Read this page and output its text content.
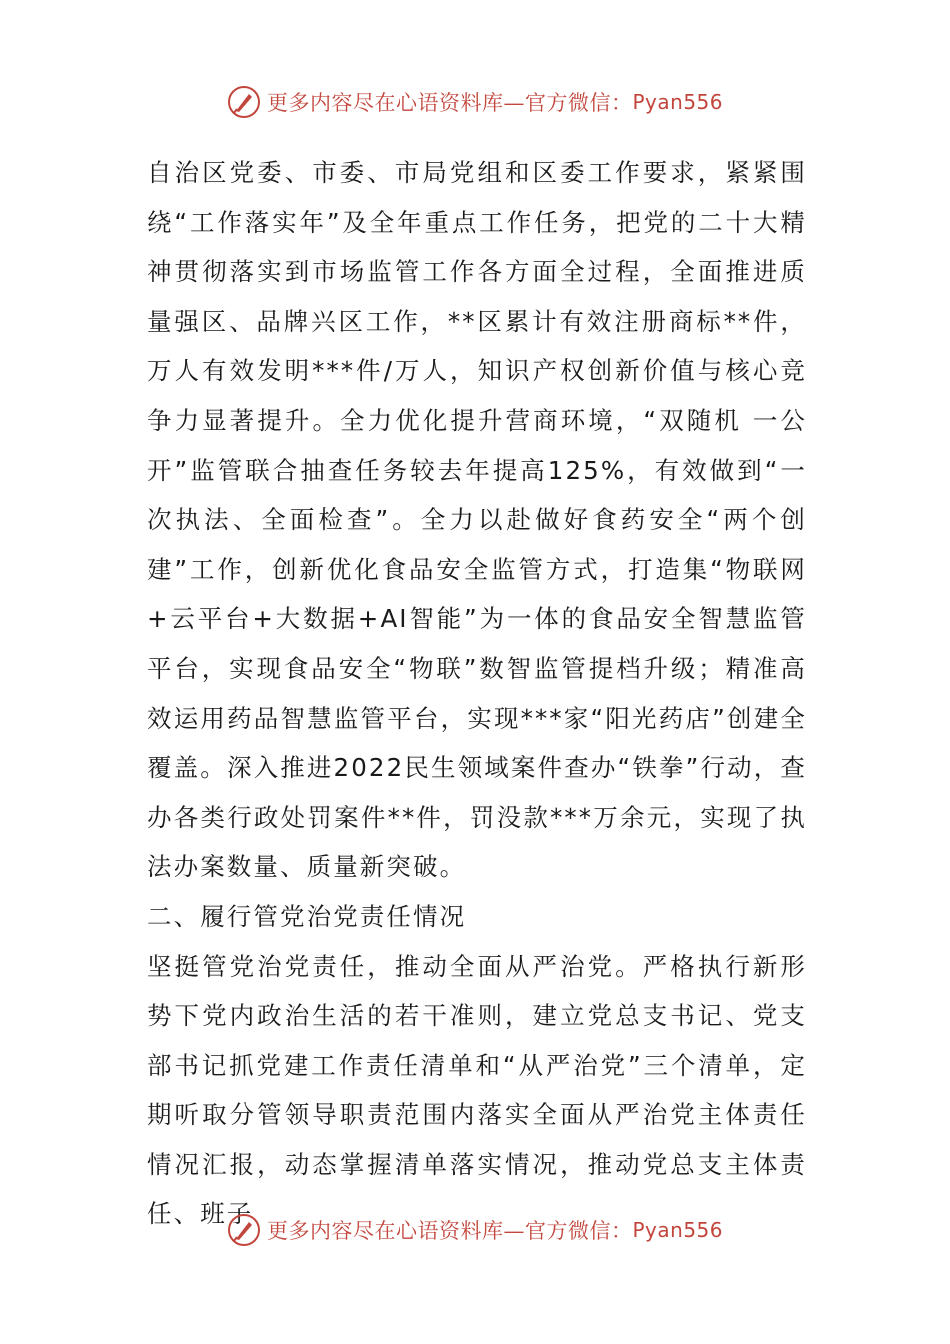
更多内容尽在心语资料库—官方微信： Pyan556

自治区党委、市委、市局党组和区委工作要求，紧紧围绕“工作落实年”及全年重点工作任务，把党的二十大精神贯彻落实到市场监管工作各方面全过程，全面推进质量强区、品牌兴区工作，**区累计有效注册商标**件，万人有效发明***件/万人，知识产权创新价值与核心竞争力显著提升。全力优化提升营商环境，“双随机 一公开”监管联合抽查任务较去年提高125%，有效做到“一次执法、全面检查”。全力以赴做好食药安全“两个创建”工作，创新优化食品安全监管方式，打造集“物联网+云平台+大数据+AI智能”为一体的食品安全智慧监管平台，实现食品安全“物联”数智监管提档升级；精准高效运用药品智慧监管平台，实现***家“阳光药店”创建全覆盖。深入推进2022民生领域案件查办“铁拳”行动，查办各类行政处罚案件**件，罚没款***万余元，实现了执法办案数量、质量新突破。

二、履行管党治党责任情况

坚挺管党治党责任，推动全面从严治党。严格执行新形势下党内政治生活的若干准则，建立党总支书记、党支部书记抓党建工作责任清单和“从严治党”三个清单，定期听取分管领导职责范围内落实全面从严治党主体责任情况汇报，动态掌握清单落实情况，推动党总支主体责任、班子

更多内容尽在心语资料库—官方微信： Pyan556
